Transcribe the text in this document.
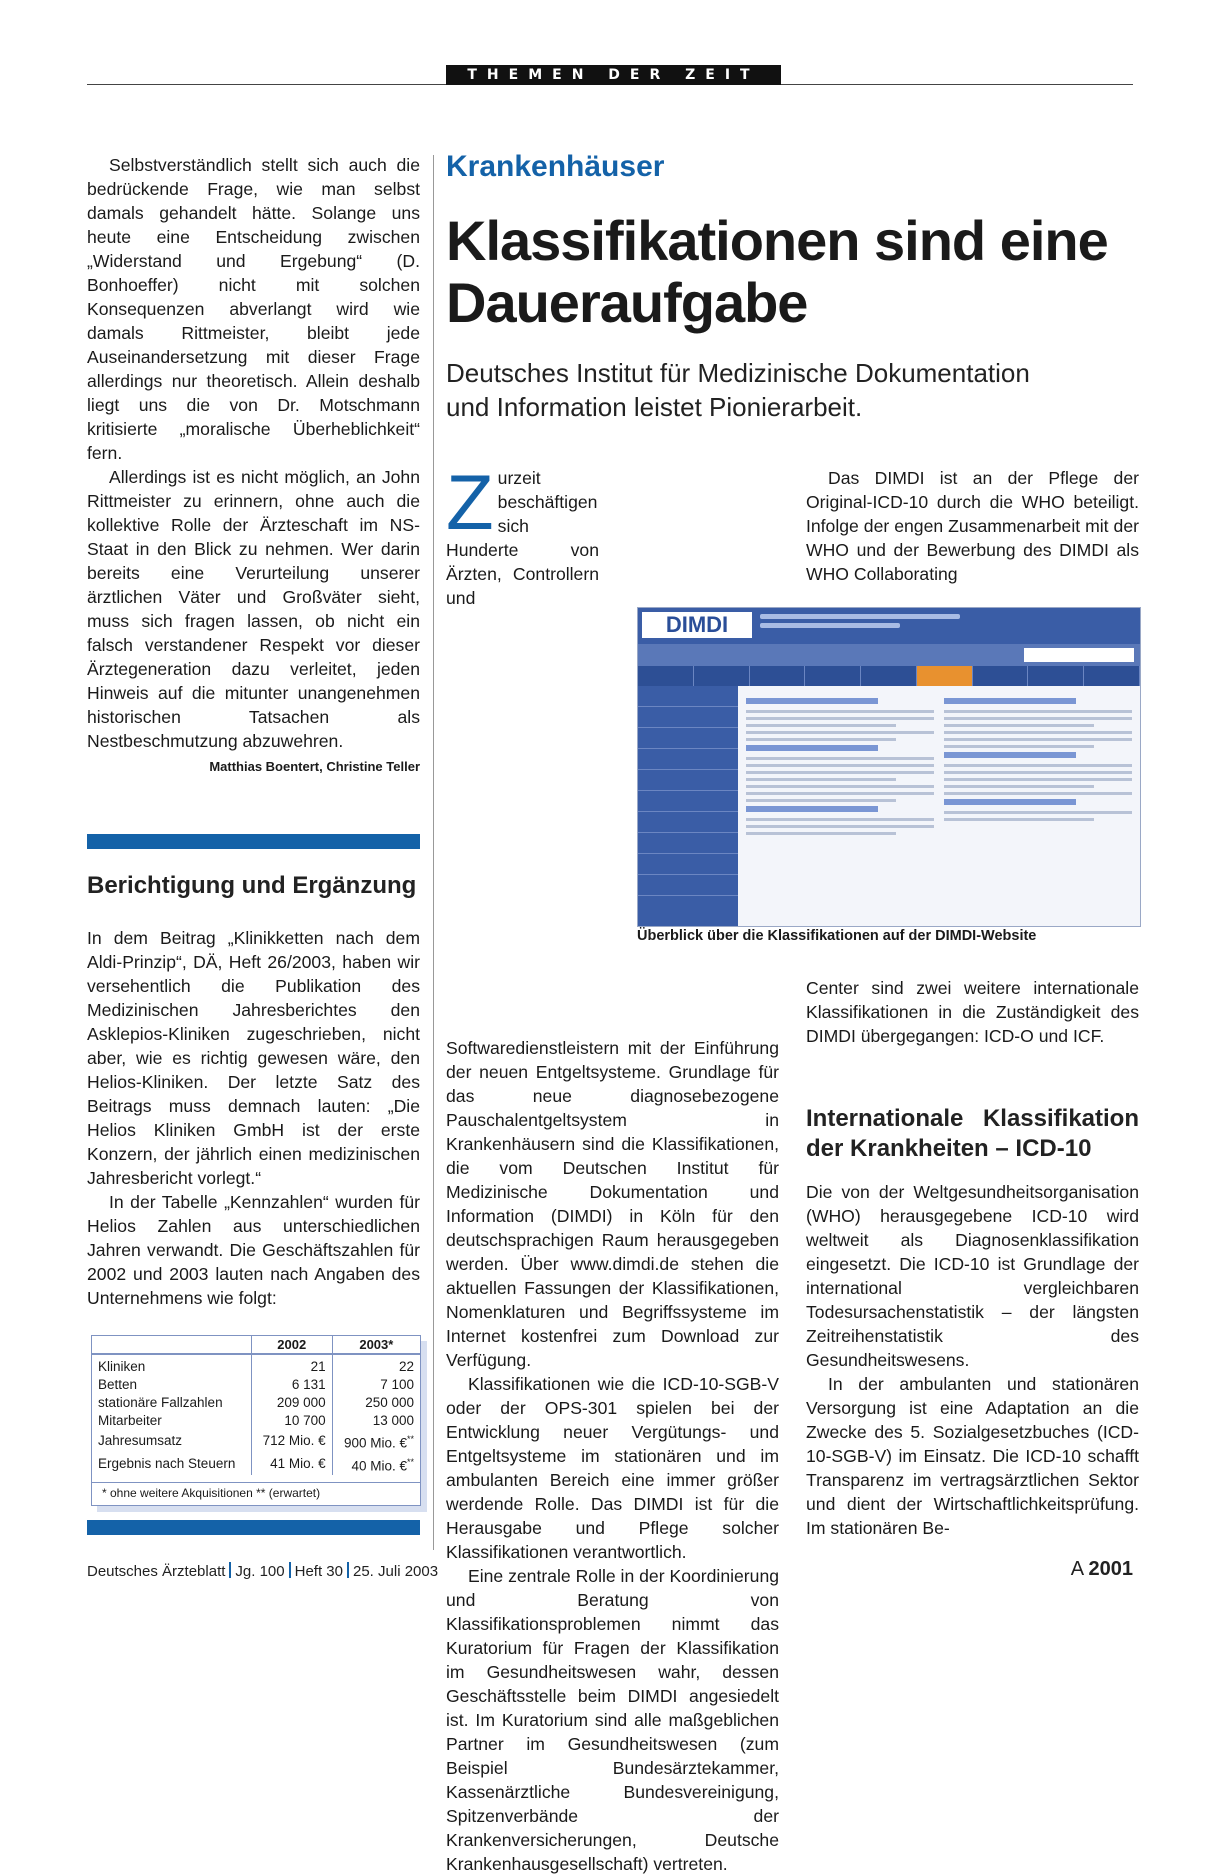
THEMEN DER ZEIT

Selbstverständlich stellt sich auch die bedrückende Frage, wie man selbst damals gehandelt hätte. Solange uns heute eine Entscheidung zwischen „Widerstand und Ergebung“ (D. Bonhoeffer) nicht mit solchen Konsequenzen abverlangt wird wie damals Rittmeister, bleibt jede Auseinandersetzung mit dieser Frage allerdings nur theoretisch. Allein deshalb liegt uns die von Dr. Motschmann kritisierte „moralische Überheblichkeit“ fern.

Allerdings ist es nicht möglich, an John Rittmeister zu erinnern, ohne auch die kollektive Rolle der Ärzteschaft im NS-Staat in den Blick zu nehmen. Wer darin bereits eine Verurteilung unserer ärztlichen Väter und Großväter sieht, muss sich fragen lassen, ob nicht ein falsch verstandener Respekt vor dieser Ärztegeneration dazu verleitet, jeden Hinweis auf die mitunter unangenehmen historischen Tatsachen als Nestbeschmutzung abzuwehren.
Matthias Boentert, Christine Teller

Berichtigung und Ergänzung

In dem Beitrag „Klinikketten nach dem Aldi-Prinzip“, DÄ, Heft 26/2003, haben wir versehentlich die Publikation des Medizinischen Jahresberichtes den Asklepios-Kliniken zugeschrieben, nicht aber, wie es richtig gewesen wäre, den Helios-Kliniken. Der letzte Satz des Beitrags muss demnach lauten: „Die Helios Kliniken GmbH ist der erste Konzern, der jährlich einen medizinischen Jahresbericht vorlegt.“

In der Tabelle „Kennzahlen“ wurden für Helios Zahlen aus unterschiedlichen Jahren verwandt. Die Geschäftszahlen für 2002 und 2003 lauten nach Angaben des Unternehmens wie folgt:

	2002	2003*
Kliniken	21	22
Betten	6 131	7 100
stationäre Fallzahlen	209 000	250 000
Mitarbeiter	10 700	13 000
Jahresumsatz	712 Mio. €	900 Mio. €**
Ergebnis nach Steuern	41 Mio. €	40 Mio. €**
* ohne weitere Akquisitionen ** (erwartet)
Krankenhäuser
Klassifikationen sind eine Daueraufgabe
Deutsches Institut für Medizinische Dokumentation und Information leistet Pionierarbeit.

Zurzeit beschäftigen sich Hunderte von Ärzten, Controllern und Softwaredienstleistern mit der Einführung der neuen Entgeltsysteme. Grundlage für das neue diagnosebezogene Pauschalentgeltsystem in Krankenhäusern sind die Klassifikationen, die vom Deutschen Institut für Medizinische Dokumentation und Information (DIMDI) in Köln für den deutschsprachigen Raum herausgegeben werden. Über www.dimdi.de stehen die aktuellen Fassungen der Klassifikationen, Nomenklaturen und Begriffssysteme im Internet kostenfrei zum Download zur Verfügung.

Klassifikationen wie die ICD-10-SGB-V oder der OPS-301 spielen bei der Entwicklung neuer Vergütungs- und Entgeltsysteme im stationären und im ambulanten Bereich eine immer größer werdende Rolle. Das DIMDI ist für die Herausgabe und Pflege solcher Klassifikationen verantwortlich.

Eine zentrale Rolle in der Koordinierung und Beratung von Klassifikationsproblemen nimmt das Kuratorium für Fragen der Klassifikation im Gesundheitswesen wahr, dessen Geschäftsstelle beim DIMDI angesiedelt ist. Im Kuratorium sind alle maßgeblichen Partner im Gesundheitswesen (zum Beispiel Bundesärztekammer, Kassenärztliche Bundesvereinigung, Spitzenverbände der Krankenversicherungen, Deutsche Krankenhausgesellschaft) vertreten.

Das DIMDI ist an der Pflege der Original-ICD-10 durch die WHO beteiligt. Infolge der engen Zusammenarbeit mit der WHO und der Bewerbung des DIMDI als WHO Collaborating

DIMDI
Überblick über die Klassifikationen auf der DIMDI-Website

Center sind zwei weitere internationale Klassifikationen in die Zuständigkeit des DIMDI übergegangen: ICD-O und ICF.

Internationale Klassifikation der Krankheiten – ICD-10

Die von der Weltgesundheitsorganisation (WHO) herausgegebene ICD-10 wird weltweit als Diagnosenklassifikation eingesetzt. Die ICD-10 ist Grundlage der international vergleichbaren Todesursachenstatistik – der längsten Zeitreihenstatistik des Gesundheitswesens.

In der ambulanten und stationären Versorgung ist eine Adaptation an die Zwecke des 5. Sozialgesetzbuches (ICD-10-SGB-V) im Einsatz. Die ICD-10 schafft Transparenz im vertragsärztlichen Sektor und dient der Wirtschaftlichkeitsprüfung. Im stationären Be-

Deutsches Ärzteblatt Jg. 100 Heft 30 25. Juli 2003	A 2001
